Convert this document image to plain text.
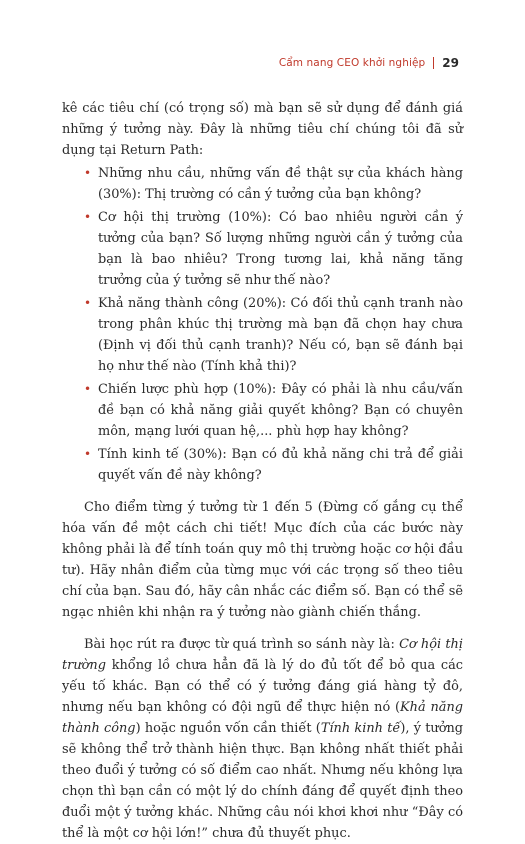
Cẩm nang CEO khởi nghiệp 29

kê các tiêu chí (có trọng số) mà bạn sẽ sử dụng để đánh giá những ý tưởng này. Đây là những tiêu chí chúng tôi đã sử dụng tại Return Path:

• Những nhu cầu, những vấn đề thật sự của khách hàng (30%): Thị trường có cần ý tưởng của bạn không?
• Cơ hội thị trường (10%): Có bao nhiêu người cần ý tưởng của bạn? Số lượng những người cần ý tưởng của bạn là bao nhiêu? Trong tương lai, khả năng tăng trưởng của ý tưởng sẽ như thế nào?
• Khả năng thành công (20%): Có đối thủ cạnh tranh nào trong phân khúc thị trường mà bạn đã chọn hay chưa (Định vị đối thủ cạnh tranh)? Nếu có, bạn sẽ đánh bại họ như thế nào (Tính khả thi)?
• Chiến lược phù hợp (10%): Đây có phải là nhu cầu/vấn đề bạn có khả năng giải quyết không? Bạn có chuyên môn, mạng lưới quan hệ,... phù hợp hay không?
• Tính kinh tế (30%): Bạn có đủ khả năng chi trả để giải quyết vấn đề này không?

Cho điểm từng ý tưởng từ 1 đến 5 (Đừng cố gắng cụ thể hóa vấn đề một cách chi tiết! Mục đích của các bước này không phải là để tính toán quy mô thị trường hoặc cơ hội đầu tư). Hãy nhân điểm của từng mục với các trọng số theo tiêu chí của bạn. Sau đó, hãy cân nhắc các điểm số. Bạn có thể sẽ ngạc nhiên khi nhận ra ý tưởng nào giành chiến thắng.

Bài học rút ra được từ quá trình so sánh này là: Cơ hội thị trường khổng lồ chưa hẳn đã là lý do đủ tốt để bỏ qua các yếu tố khác. Bạn có thể có ý tưởng đáng giá hàng tỷ đô, nhưng nếu bạn không có đội ngũ để thực hiện nó (Khả năng thành công) hoặc nguồn vốn cần thiết (Tính kinh tế), ý tưởng sẽ không thể trở thành hiện thực. Bạn không nhất thiết phải theo đuổi ý tưởng có số điểm cao nhất. Nhưng nếu không lựa chọn thì bạn cần có một lý do chính đáng để quyết định theo đuổi một ý tưởng khác. Những câu nói khơi khơi như “Đây có thể là một cơ hội lớn!” chưa đủ thuyết phục.
